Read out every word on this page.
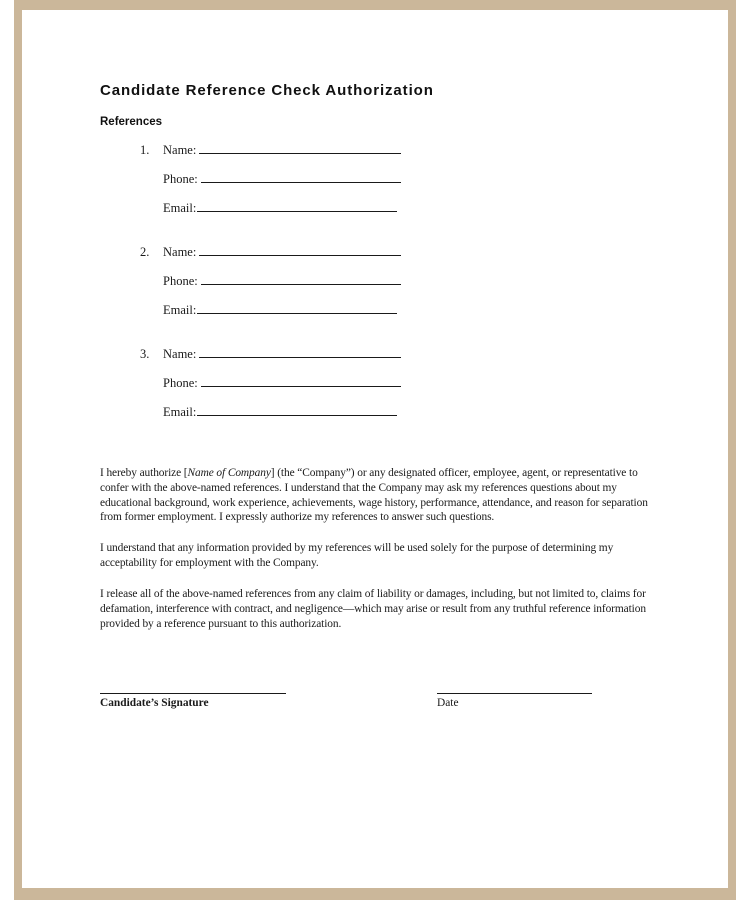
Candidate Reference Check Authorization
References
1. Name:
Phone:
Email:
2. Name:
Phone:
Email:
3. Name:
Phone:
Email:

I hereby authorize [Name of Company] (the “Company”) or any designated officer, employee, agent, or representative to confer with the above-named references. I understand that the Company may ask my references questions about my educational background, work experience, achievements, wage history, performance, attendance, and reason for separation from former employment. I expressly authorize my references to answer such questions.

I understand that any information provided by my references will be used solely for the purpose of determining my acceptability for employment with the Company.

I release all of the above-named references from any claim of liability or damages, including, but not limited to, claims for defamation, interference with contract, and negligence—which may arise or result from any truthful reference information provided by a reference pursuant to this authorization.

Candidate’s Signature	Date
